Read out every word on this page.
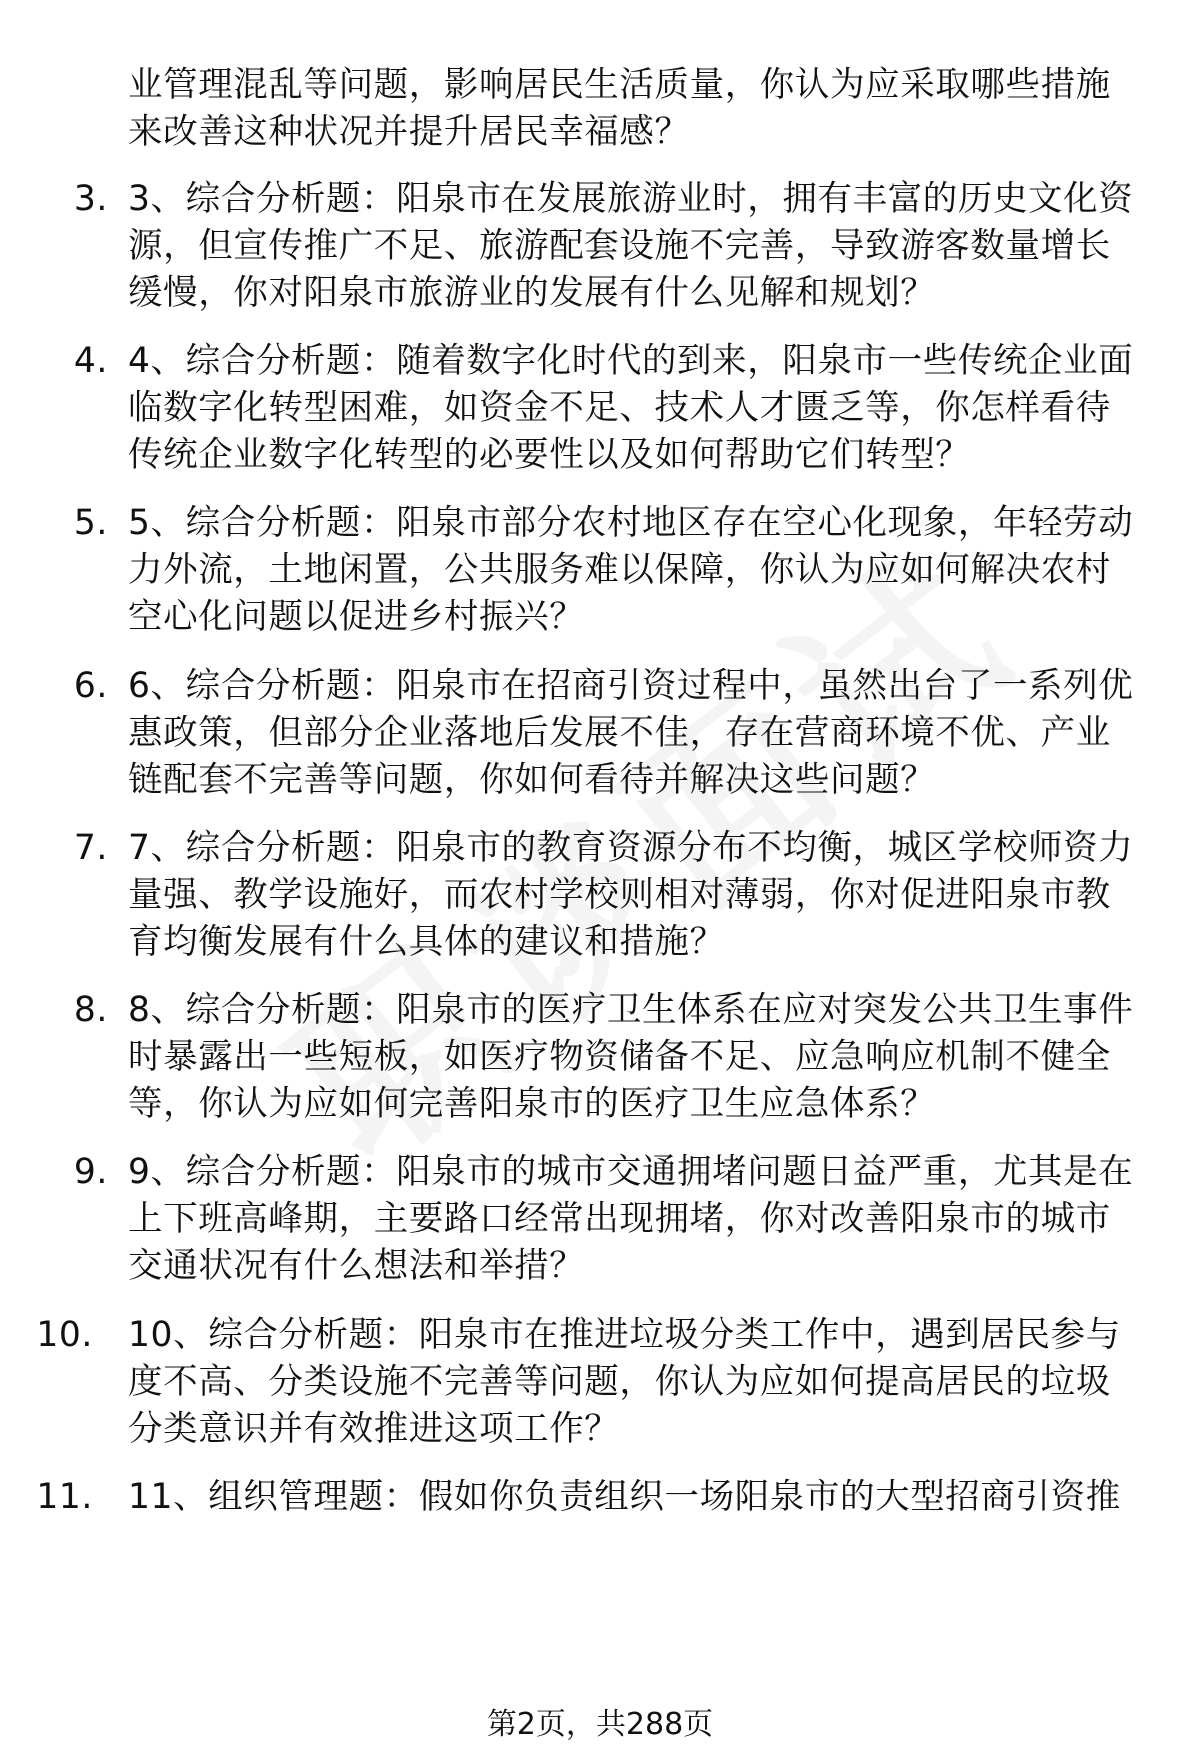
业管理混乱等问题，影响居民生活质量，你认为应采取哪些措施来改善这种状况并提升居民幸福感？
3. 3、综合分析题：阳泉市在发展旅游业时，拥有丰富的历史文化资源，但宣传推广不足、旅游配套设施不完善，导致游客数量增长缓慢，你对阳泉市旅游业的发展有什么见解和规划？
4. 4、综合分析题：随着数字化时代的到来，阳泉市一些传统企业面临数字化转型困难，如资金不足、技术人才匮乏等，你怎样看待传统企业数字化转型的必要性以及如何帮助它们转型？
5. 5、综合分析题：阳泉市部分农村地区存在空心化现象，年轻劳动力外流，土地闲置，公共服务难以保障，你认为应如何解决农村空心化问题以促进乡村振兴？
6. 6、综合分析题：阳泉市在招商引资过程中，虽然出台了一系列优惠政策，但部分企业落地后发展不佳，存在营商环境不优、产业链配套不完善等问题，你如何看待并解决这些问题？
7. 7、综合分析题：阳泉市的教育资源分布不均衡，城区学校师资力量强、教学设施好，而农村学校则相对薄弱，你对促进阳泉市教育均衡发展有什么具体的建议和措施？
8. 8、综合分析题：阳泉市的医疗卫生体系在应对突发公共卫生事件时暴露出一些短板，如医疗物资储备不足、应急响应机制不健全等，你认为应如何完善阳泉市的医疗卫生应急体系？
9. 9、综合分析题：阳泉市的城市交通拥堵问题日益严重，尤其是在上下班高峰期，主要路口经常出现拥堵，你对改善阳泉市的城市交通状况有什么想法和举措？
10. 10、综合分析题：阳泉市在推进垃圾分类工作中，遇到居民参与度不高、分类设施不完善等问题，你认为应如何提高居民的垃圾分类意识并有效推进这项工作？
11. 11、组织管理题：假如你负责组织一场阳泉市的大型招商引资推
第2页，共288页
